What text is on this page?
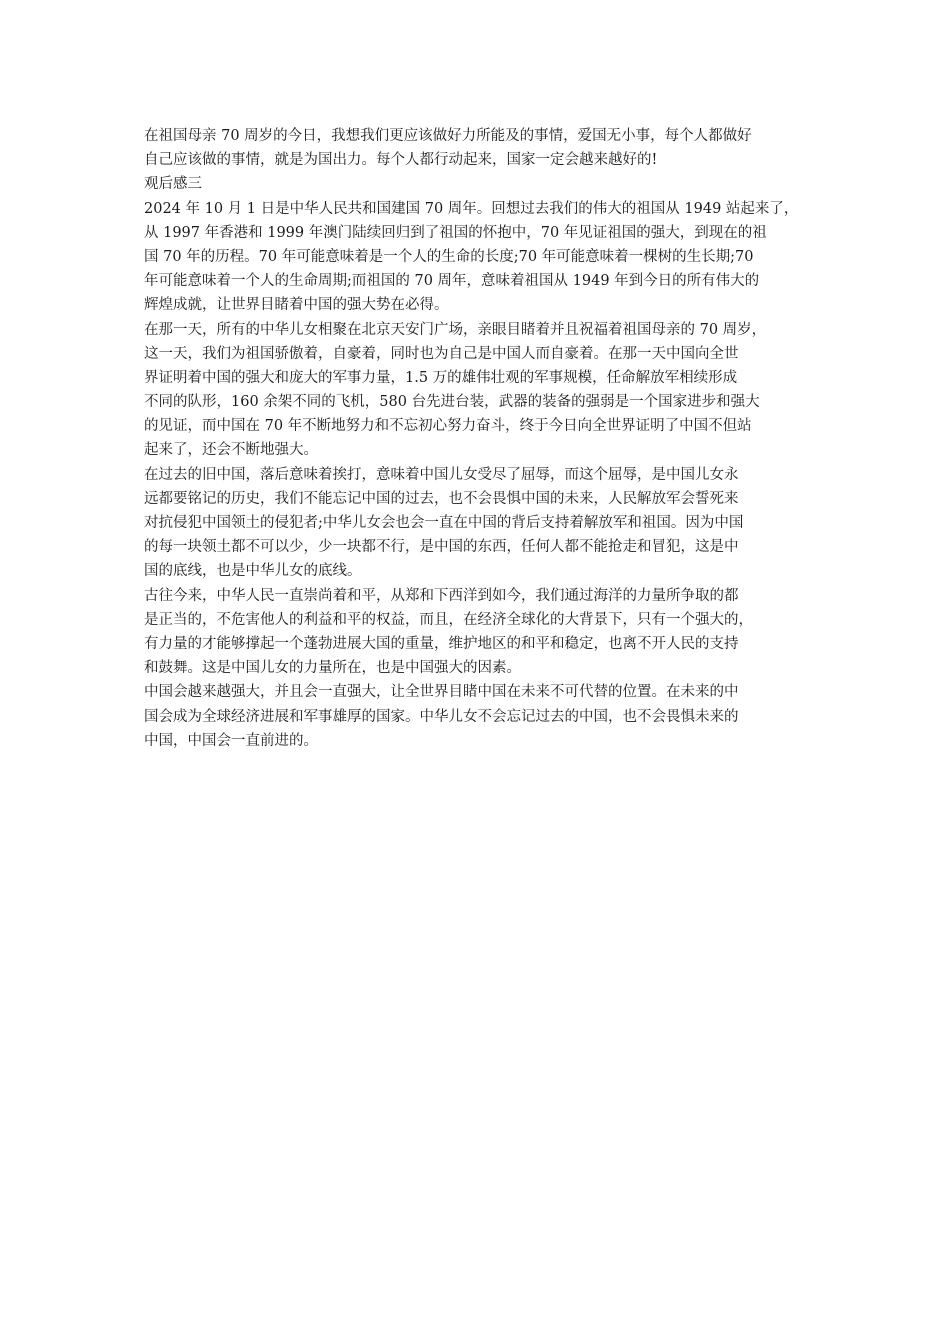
在祖国母亲 70 周岁的今日，我想我们更应该做好力所能及的事情，爱国无小事，每个人都做好
自己应该做的事情，就是为国出力。每个人都行动起来，国家一定会越来越好的!
观后感三
2024 年 10 月 1 日是中华人民共和国建国 70 周年。回想过去我们的伟大的祖国从 1949 站起来了，
从 1997 年香港和 1999 年澳门陆续回归到了祖国的怀抱中，70 年见证祖国的强大，到现在的祖
国 70 年的历程。70 年可能意味着是一个人的生命的长度;70 年可能意味着一棵树的生长期;70
年可能意味着一个人的生命周期;而祖国的 70 周年，意味着祖国从 1949 年到今日的所有伟大的
辉煌成就，让世界目睹着中国的强大势在必得。
在那一天，所有的中华儿女相聚在北京天安门广场，亲眼目睹着并且祝福着祖国母亲的 70 周岁，
这一天，我们为祖国骄傲着，自豪着，同时也为自己是中国人而自豪着。在那一天中国向全世
界证明着中国的强大和庞大的军事力量，1.5 万的雄伟壮观的军事规模，任命解放军相续形成
不同的队形，160 余架不同的飞机，580 台先进台装，武器的装备的强弱是一个国家进步和强大
的见证，而中国在 70 年不断地努力和不忘初心努力奋斗，终于今日向全世界证明了中国不但站
起来了，还会不断地强大。
在过去的旧中国，落后意味着挨打，意味着中国儿女受尽了屈辱，而这个屈辱，是中国儿女永
远都要铭记的历史，我们不能忘记中国的过去，也不会畏惧中国的未来，人民解放军会誓死来
对抗侵犯中国领土的侵犯者;中华儿女会也会一直在中国的背后支持着解放军和祖国。因为中国
的每一块领土都不可以少，少一块都不行，是中国的东西，任何人都不能抢走和冒犯，这是中
国的底线，也是中华儿女的底线。
古往今来，中华人民一直崇尚着和平，从郑和下西洋到如今，我们通过海洋的力量所争取的都
是正当的，不危害他人的利益和平的权益，而且，在经济全球化的大背景下，只有一个强大的，
有力量的才能够撑起一个蓬勃进展大国的重量，维护地区的和平和稳定，也离不开人民的支持
和鼓舞。这是中国儿女的力量所在，也是中国强大的因素。
中国会越来越强大，并且会一直强大，让全世界目睹中国在未来不可代替的位置。在未来的中
国会成为全球经济进展和军事雄厚的国家。中华儿女不会忘记过去的中国，也不会畏惧未来的
中国，中国会一直前进的。
